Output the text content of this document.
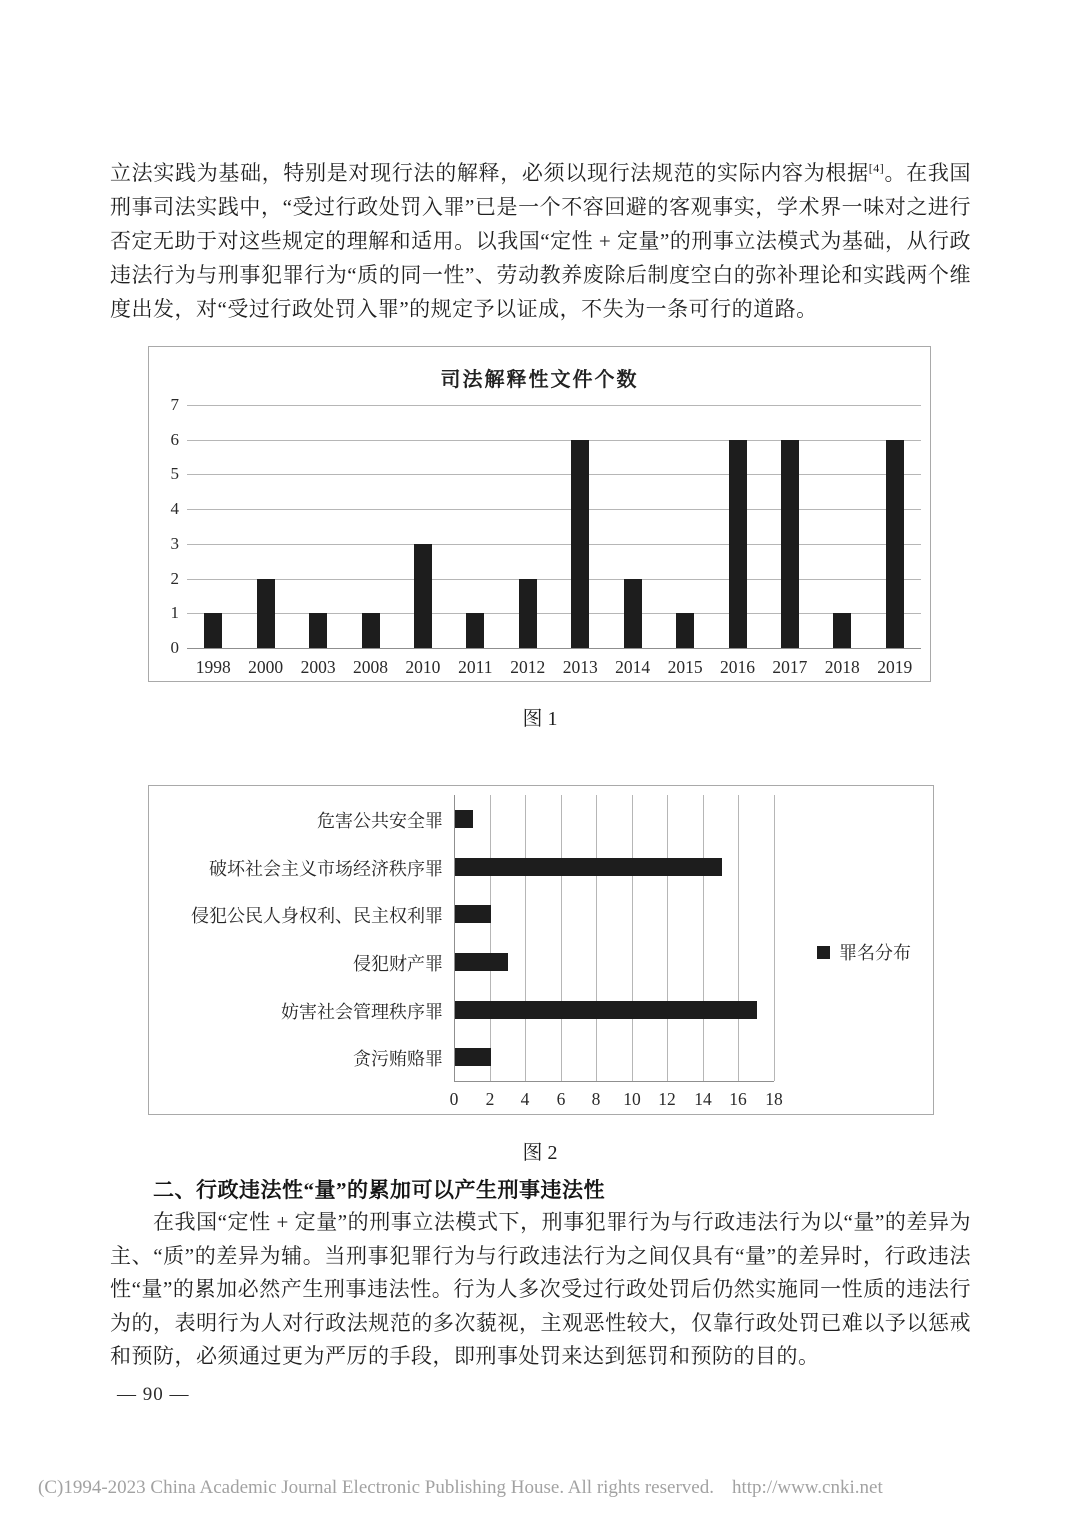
立法实践为基础，特别是对现行法的解释，必须以现行法规范的实际内容为根据[4]。在我国刑事司法实践中，“受过行政处罚入罪”已是一个不容回避的客观事实，学术界一味对之进行否定无助于对这些规定的理解和适用。以我国“定性 + 定量”的刑事立法模式为基础，从行政违法行为与刑事犯罪行为“质的同一性”、劳动教养废除后制度空白的弥补理论和实践两个维度出发，对“受过行政处罚入罪”的规定予以证成，不失为一条可行的道路。
司法解释性文件个数
0
1
2
3
4
5
6
7
1998 2000	2003 2008 2010	2011	2012 2013 2014	2015 2016 2017 2018	2019
图 1
0	2	4	6	8	10	12	14	16	18
危害公共安全罪
破坏社会主义市场经济秩序罪
侵犯公民人身权利、民主权利罪
侵犯财产罪
妨害社会管理秩序罪
贪污贿赂罪
罪名分布
图 2
二、行政违法性“量”的累加可以产生刑事违法性
在我国“定性 + 定量”的刑事立法模式下，刑事犯罪行为与行政违法行为以“量”的差异为主、“质”的差异为辅。当刑事犯罪行为与行政违法行为之间仅具有“量”的差异时，行政违法性“量”的累加必然产生刑事违法性。行为人多次受过行政处罚后仍然实施同一性质的违法行为的，表明行为人对行政法规范的多次藐视，主观恶性较大，仅靠行政处罚已难以予以惩戒和预防，必须通过更为严厉的手段，即刑事处罚来达到惩罚和预防的目的。
— 90 —
(C)1994-2023 China Academic Journal Electronic Publishing House. All rights reserved. http://www.cnki.net
